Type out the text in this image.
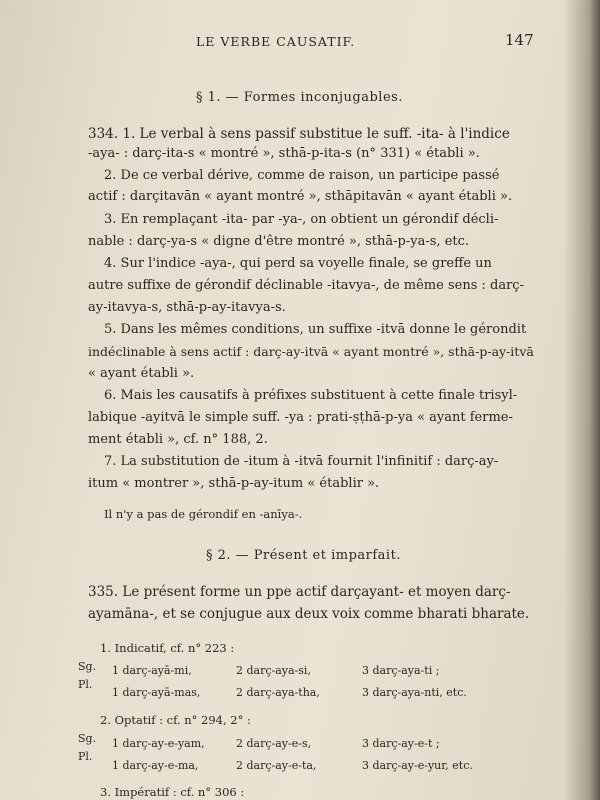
LE VERBE CAUSATIF.	147
§ 1. — Formes inconjugables.
334. 1. Le verbal à sens passif substitue le suff. -ita- à l'indice
-aya- : darç-ita-s « montré », sthā-p-ita-s (n° 331) « établi ».
2. De ce verbal dérive, comme de raison, un participe passé
actif : darçitavān « ayant montré », sthāpitavān « ayant établi ».
3. En remplaçant -ita- par -ya-, on obtient un gérondif décli-
nable : darç-ya-s « digne d'être montré », sthā-p-ya-s, etc.
4. Sur l'indice -aya-, qui perd sa voyelle finale, se greffe un
autre suffixe de gérondif déclinable -itavya-, de même sens : darç-
ay-itavya-s, sthā-p-ay-itavya-s.
5. Dans les mêmes conditions, un suffixe -itvā donne le gérondit
indéclinable à sens actif : darç-ay-itvā « ayant montré », sthā-p-ay-itvā
« ayant établi ».
6. Mais les causatifs à préfixes substituent à cette finale trisyl-
labique -ayitvā le simple suff. -ya : prati-ṣṭhā-p-ya « ayant ferme-
ment établi », cf. n° 188, 2.
7. La substitution de -itum à -itvā fournit l'infinitif : darç-ay-
itum « montrer », sthā-p-ay-itum « établir ».
Il n'y a pas de gérondif en -anīya-.
§ 2. — Présent et imparfait.
335. Le présent forme un ppe actif darçayant- et moyen darç-
ayamāna-, et se conjugue aux deux voix comme bharati bharate.
1. Indicatif, cf. n° 223 :
Sg.
Pl.
1 darç-ayā-mi,	2 darç-aya-si,	3 darç-aya-ti ;
1 darç-ayā-mas,	2 darç-aya-tha,	3 darç-aya-nti, etc.
2. Optatif : cf. n° 294, 2° :
Sg.
Pl.
1 darç-ay-e-yam,	2 darç-ay-e-s,	3 darç-ay-e-t ;
1 darç-ay-e-ma,	2 darç-ay-e-ta,	3 darç-ay-e-yur, etc.
3. Impératif : cf. n° 306 :
